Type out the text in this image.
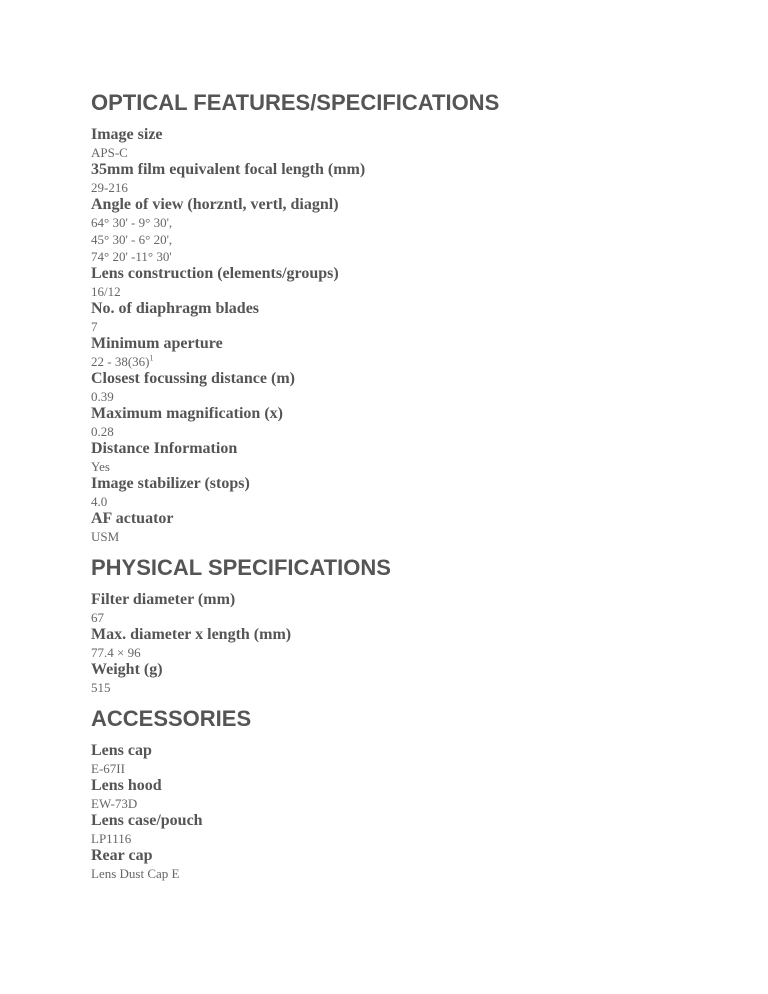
OPTICAL FEATURES/SPECIFICATIONS
Image size
APS-C
35mm film equivalent focal length (mm)
29-216
Angle of view (horzntl, vertl, diagnl)
64° 30' - 9° 30',
45° 30' - 6° 20',
74° 20' -11° 30'
Lens construction (elements/groups)
16/12
No. of diaphragm blades
7
Minimum aperture
$22 - 38(36)^1$
Closest focussing distance (m)
0.39
Maximum magnification (x)
0.28
Distance Information
Yes
Image stabilizer (stops)
4.0
AF actuator
USM
PHYSICAL SPECIFICATIONS
Filter diameter (mm)
67
Max. diameter x length (mm)
77.4 × 96
Weight (g)
515
ACCESSORIES
Lens cap
E-67II
Lens hood
EW-73D
Lens case/pouch
LP1116
Rear cap
Lens Dust Cap E
